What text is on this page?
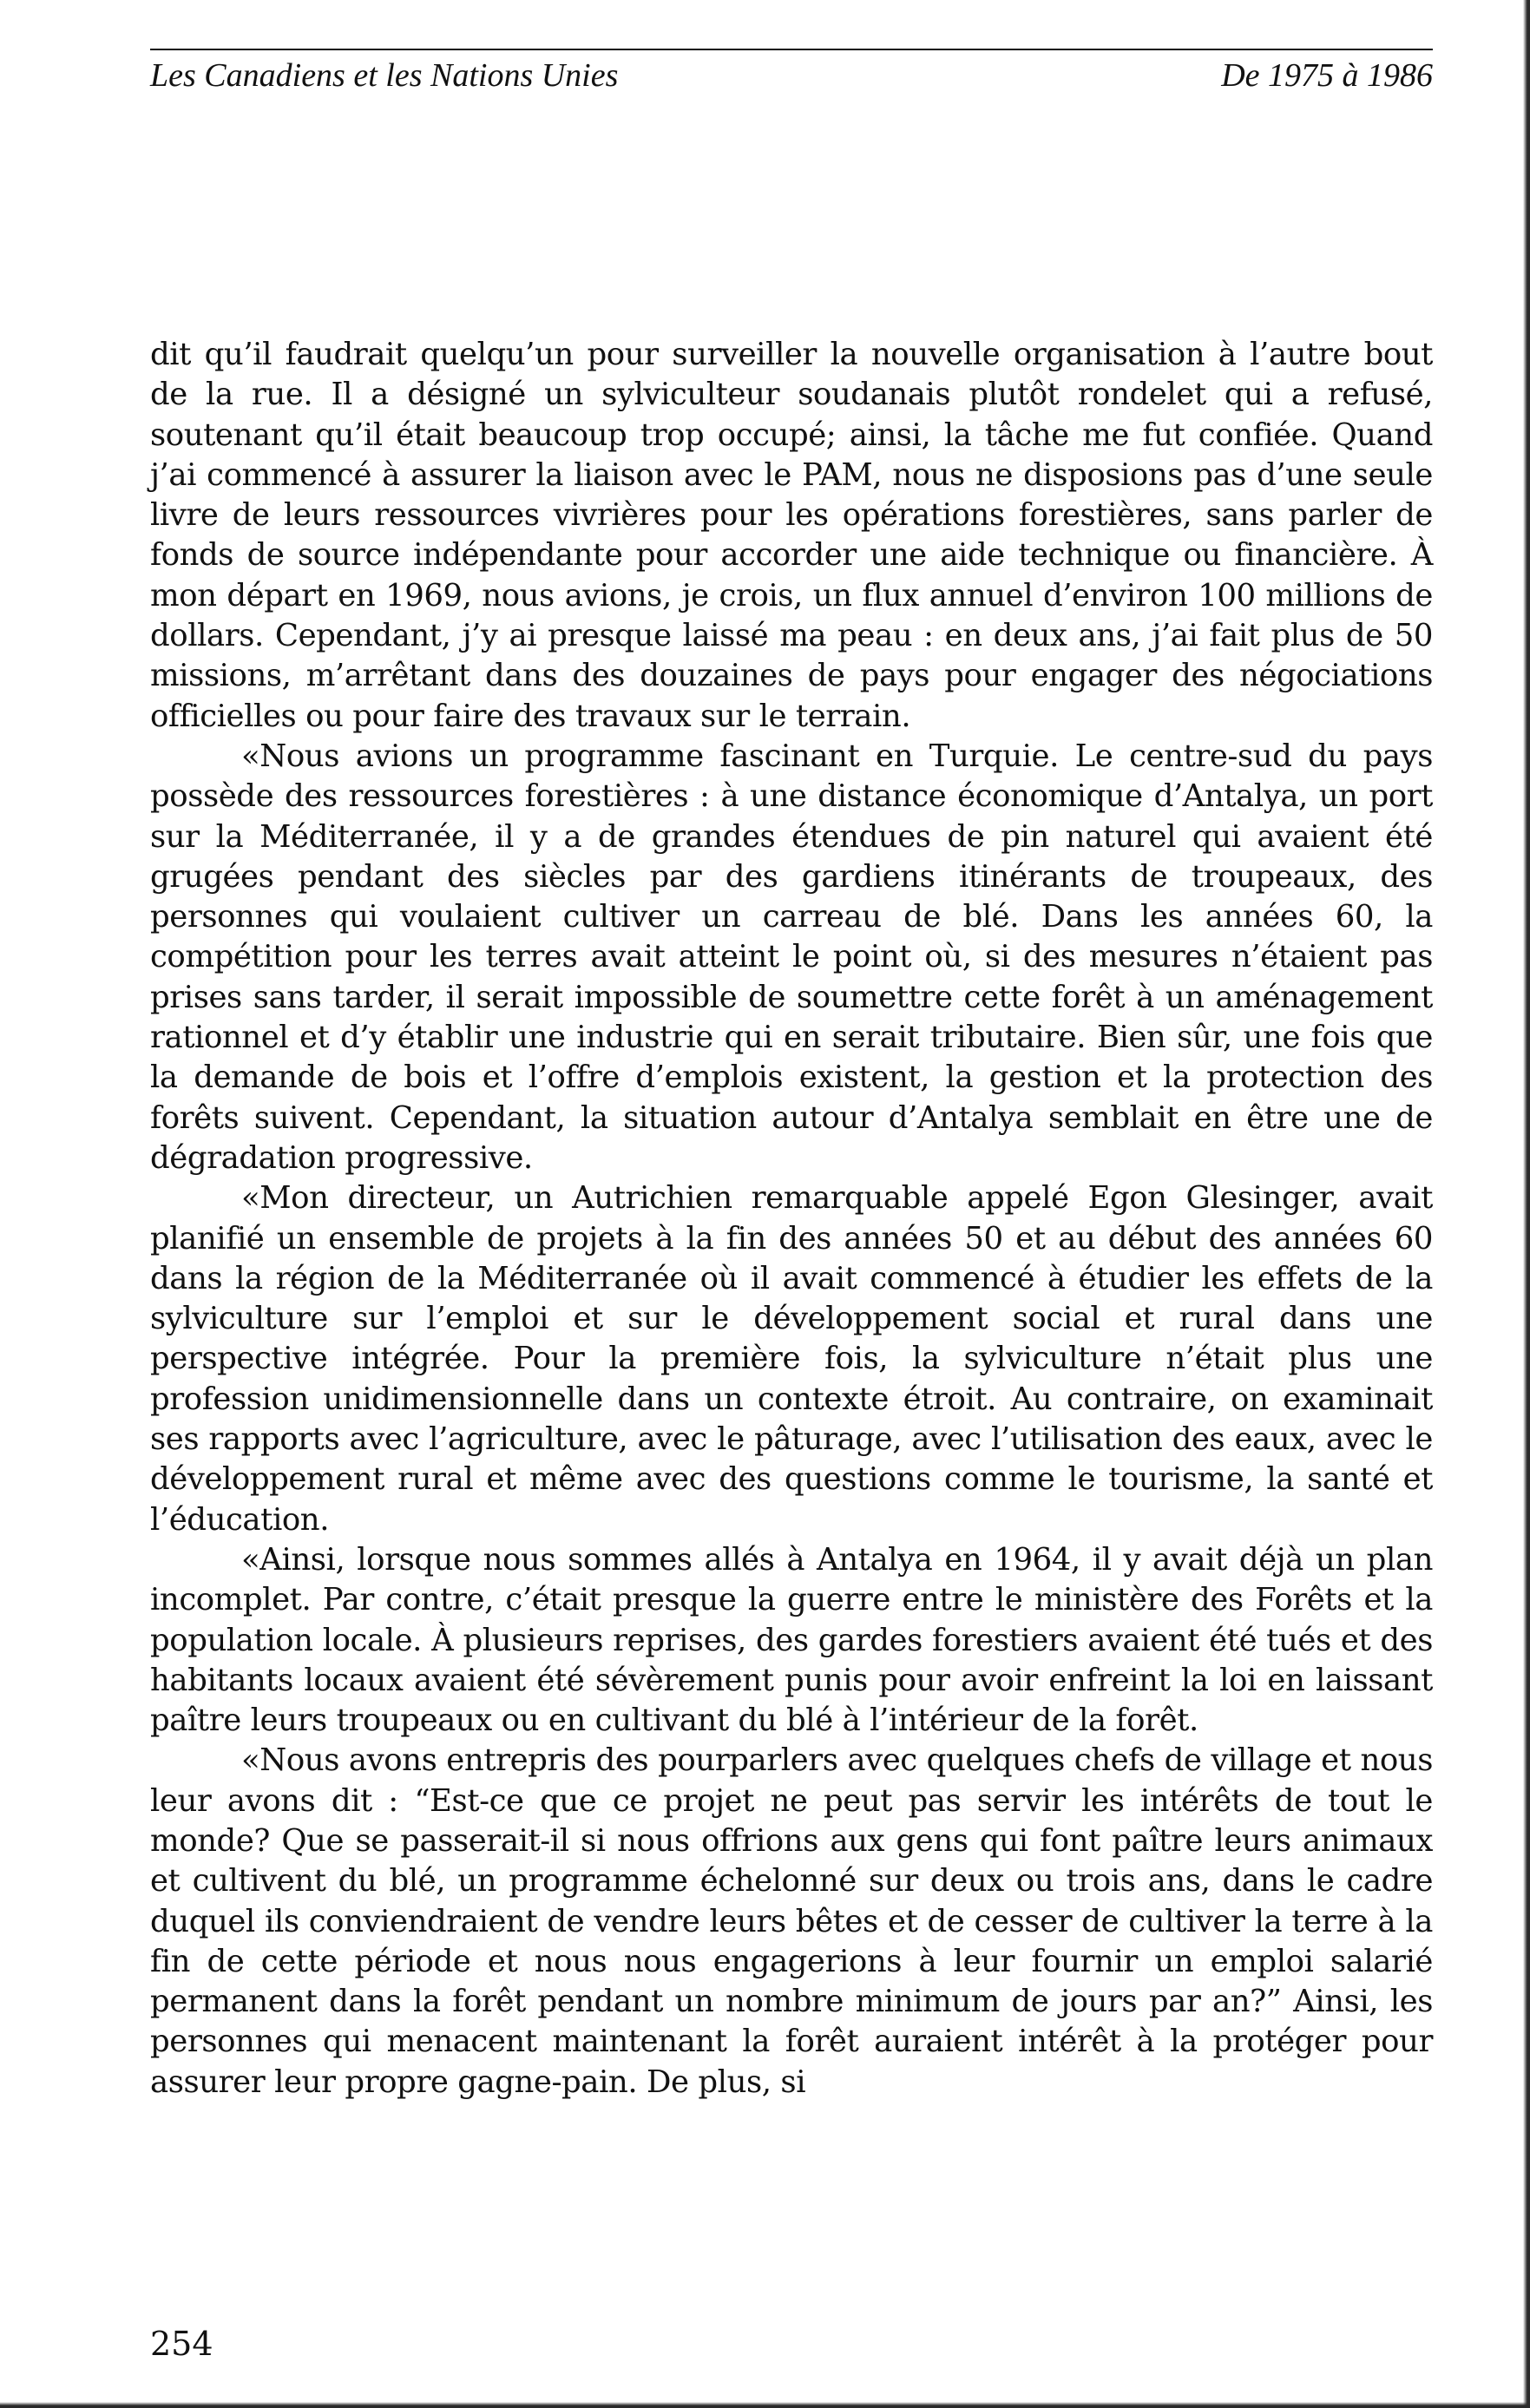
Les Canadiens et les Nations Unies	De 1975 à 1986

dit qu’il faudrait quelqu’un pour surveiller la nouvelle organisation à l’autre bout de la rue. Il a désigné un sylviculteur soudanais plutôt rondelet qui a refusé, soutenant qu’il était beaucoup trop occupé; ainsi, la tâche me fut confiée. Quand j’ai commencé à assurer la liaison avec le PAM, nous ne disposions pas d’une seule livre de leurs ressources vivrières pour les opérations forestières, sans parler de fonds de source indépendante pour accorder une aide technique ou financière. À mon départ en 1969, nous avions, je crois, un flux annuel d’environ 100 millions de dollars. Cependant, j’y ai presque laissé ma peau : en deux ans, j’ai fait plus de 50 missions, m’arrêtant dans des douzaines de pays pour engager des négociations officielles ou pour faire des travaux sur le terrain.

«Nous avions un programme fascinant en Turquie. Le centre-sud du pays possède des ressources forestières : à une distance économique d’Antalya, un port sur la Méditerranée, il y a de grandes étendues de pin naturel qui avaient été grugées pendant des siècles par des gardiens itinérants de troupeaux, des personnes qui voulaient cultiver un carreau de blé. Dans les années 60, la compétition pour les terres avait atteint le point où, si des mesures n’étaient pas prises sans tarder, il serait impossible de soumettre cette forêt à un aménagement rationnel et d’y établir une industrie qui en serait tributaire. Bien sûr, une fois que la demande de bois et l’offre d’emplois existent, la gestion et la protection des forêts suivent. Cependant, la situation autour d’Antalya semblait en être une de dégradation progressive.

«Mon directeur, un Autrichien remarquable appelé Egon Glesinger, avait planifié un ensemble de projets à la fin des années 50 et au début des années 60 dans la région de la Méditerranée où il avait commencé à étudier les effets de la sylviculture sur l’emploi et sur le développement social et rural dans une perspective intégrée. Pour la première fois, la sylviculture n’était plus une profession unidimensionnelle dans un contexte étroit. Au contraire, on examinait ses rapports avec l’agriculture, avec le pâturage, avec l’utilisation des eaux, avec le développement rural et même avec des questions comme le tourisme, la santé et l’éducation.

«Ainsi, lorsque nous sommes allés à Antalya en 1964, il y avait déjà un plan incomplet. Par contre, c’était presque la guerre entre le ministère des Forêts et la population locale. À plusieurs reprises, des gardes forestiers avaient été tués et des habitants locaux avaient été sévèrement punis pour avoir enfreint la loi en laissant paître leurs troupeaux ou en cultivant du blé à l’intérieur de la forêt.

«Nous avons entrepris des pourparlers avec quelques chefs de village et nous leur avons dit : “Est-ce que ce projet ne peut pas servir les intérêts de tout le monde? Que se passerait-il si nous offrions aux gens qui font paître leurs animaux et cultivent du blé, un programme échelonné sur deux ou trois ans, dans le cadre duquel ils conviendraient de vendre leurs bêtes et de cesser de cultiver la terre à la fin de cette période et nous nous engagerions à leur fournir un emploi salarié permanent dans la forêt pendant un nombre minimum de jours par an?” Ainsi, les personnes qui menacent maintenant la forêt auraient intérêt à la protéger pour assurer leur propre gagne-pain. De plus, si

254
